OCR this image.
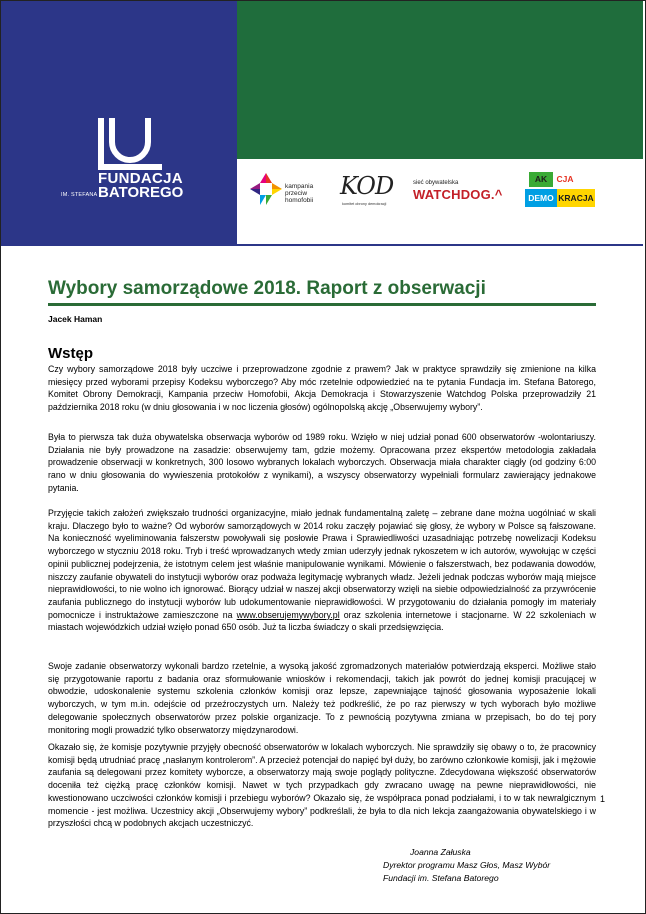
FUNDACJA
IM. STEFANA BATOREGO	kampania
przeciw
homofobii
KOD
komitet obrony demokracji
sieć obywatelska
WATCHDOG.^
AK	CJA
DEMO KRACJA
Wybory samorządowe 2018. Raport z obserwacji
Jacek Haman
Wstęp
Czy wybory samorządowe 2018 były uczciwe i przeprowadzone zgodnie z prawem? Jak w praktyce sprawdziły się zmienione na kilka miesięcy przed wyborami przepisy Kodeksu wyborczego? Aby móc rzetelnie odpowiedzieć na te pytania Fundacja im. Stefana Batorego, Komitet Obrony Demokracji, Kampania przeciw Homofobii, Akcja Demokracja i Stowarzyszenie Watchdog Polska przeprowadziły 21 października 2018 roku (w dniu głosowania i w noc liczenia głosów) ogólnopolską akcję „Obserwujemy wybory”.
Była to pierwsza tak duża obywatelska obserwacja wyborów od 1989 roku. Wzięło w niej udział ponad 600 obserwatorów -wolontariuszy. Działania nie były prowadzone na zasadzie: obserwujemy tam, gdzie możemy. Opracowana przez ekspertów metodologia zakładała prowadzenie obserwacji w konkretnych, 300 losowo wybranych lokalach wyborczych. Obserwacja miała charakter ciągły (od godziny 6:00 rano w dniu głosowania do wywieszenia protokołów z wynikami), a wszyscy obserwatorzy wypełniali formularz zawierający jednakowe pytania.
Przyjęcie takich założeń zwiększało trudności organizacyjne, miało jednak fundamentalną zaletę – zebrane dane można uogólniać w skali kraju. Dlaczego było to ważne? Od wyborów samorządowych w 2014 roku zaczęły pojawiać się głosy, że wybory w Polsce są fałszowane. Na konieczność wyeliminowania fałszerstw powoływali się posłowie Prawa i Sprawiedliwości uzasadniając potrzebę nowelizacji Kodeksu wyborczego w styczniu 2018 roku. Tryb i treść wprowadzanych wtedy zmian uderzyły jednak rykoszetem w ich autorów, wywołując w części opinii publicznej podejrzenia, że istotnym celem jest właśnie manipulowanie wynikami. Mówienie o fałszerstwach, bez podawania dowodów, niszczy zaufanie obywateli do instytucji wyborów oraz podważa legitymację wybranych władz. Jeżeli jednak podczas wyborów mają miejsce nieprawidłowości, to nie wolno ich ignorować. Biorący udział w naszej akcji obserwatorzy wzięli na siebie odpowiedzialność za przywrócenie zaufania publicznego do instytucji wyborów lub udokumentowanie nieprawidłowości. W przygotowaniu do działania pomogły im materiały pomocnicze i instruktażowe zamieszczone na www.obserujemywybory.pl oraz szkolenia internetowe i stacjonarne. W 22 szkoleniach w miastach wojewódzkich udział wzięło ponad 650 osób. Już ta liczba świadczy o skali przedsięwzięcia.
Swoje zadanie obserwatorzy wykonali bardzo rzetelnie, a wysoką jakość zgromadzonych materiałów potwierdzają eksperci. Możliwe stało się przygotowanie raportu z badania oraz sformułowanie wniosków i rekomendacji, takich jak powrót do jednej komisji pracującej w obwodzie, udoskonalenie systemu szkolenia członków komisji oraz lepsze, zapewniające tajność głosowania wyposażenie lokali wyborczych, w tym m.in. odejście od przeźroczystych urn. Należy też podkreślić, że po raz pierwszy w tych wyborach było możliwe delegowanie społecznych obserwatorów przez polskie organizacje. To z pewnością pozytywna zmiana w przepisach, bo do tej pory monitoring mogli prowadzić tylko obserwatorzy międzynarodowi.
Okazało się, że komisje pozytywnie przyjęły obecność obserwatorów w lokalach wyborczych. Nie sprawdziły się obawy o to, że pracownicy komisji będą utrudniać pracę „nasłanym kontrolerom”. A przecież potencjał do napięć był duży, bo zarówno członkowie komisji, jak i mężowie zaufania są delegowani przez komitety wyborcze, a obserwatorzy mają swoje poglądy polityczne. Zdecydowana większość obserwatorów doceniła też ciężką pracę członków komisji. Nawet w tych przypadkach gdy zwracano uwagę na pewne nieprawidłowości, nie kwestionowano uczciwości członków komisji i przebiegu wyborów? Okazało się, że współpraca ponad podziałami, i to w tak newralgicznym momencie - jest możliwa. Uczestnicy akcji „Obserwujemy wybory” podkreślali, że była to dla nich lekcja zaangażowania obywatelskiego i w przyszłości chcą w podobnych akcjach uczestniczyć.
1
Joanna Załuska
Dyrektor programu Masz Głos, Masz Wybór
Fundacji im. Stefana Batorego
